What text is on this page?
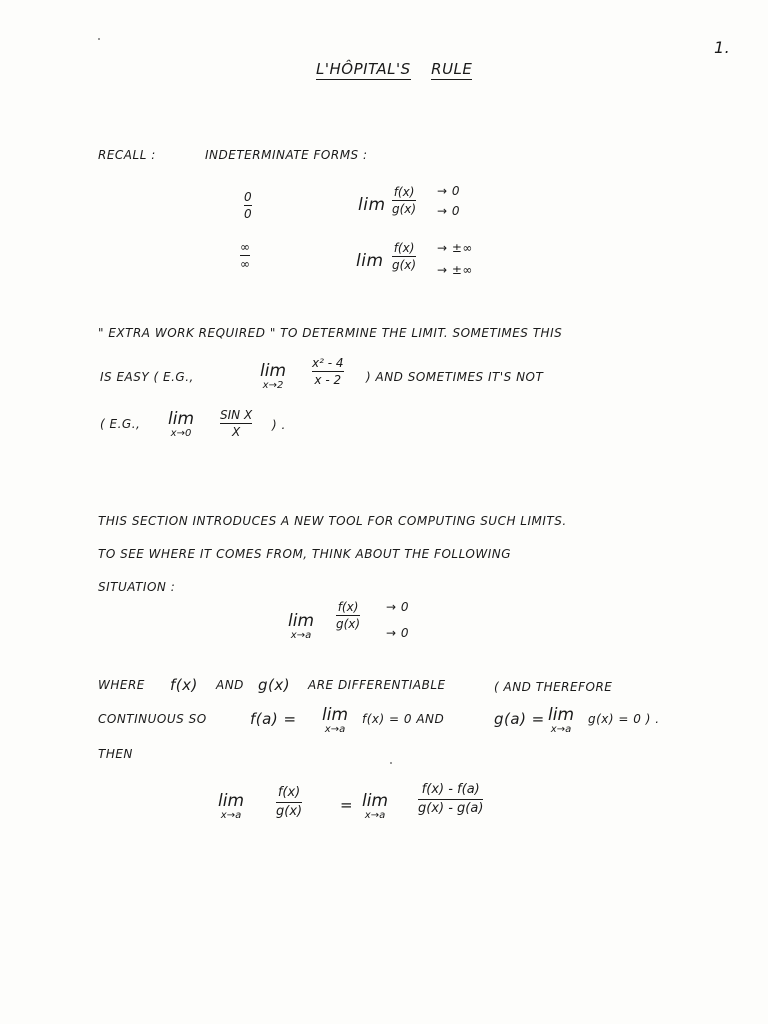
1.
L'HÔPITAL'S RULE
RECALL :	INDETERMINATE FORMS :
0
0	lim
f(x)
g(x)
→ 0
→ 0
∞
∞	lim
f(x)
g(x)
→ ±∞
→ ±∞
" EXTRA WORK REQUIRED " TO DETERMINE THE LIMIT. SOMETIMES THIS
IS EASY ( E.G.,	lim
x→2
x² - 4
x - 2 ) AND SOMETIMES IT'S NOT
( E.G., lim
x→0
SIN X
X
) .
THIS SECTION INTRODUCES A NEW TOOL FOR COMPUTING SUCH LIMITS.
TO SEE WHERE IT COMES FROM, THINK ABOUT THE FOLLOWING
SITUATION :
lim
x→a
f(x)
g(x)
→ 0
→ 0
WHERE f(x) AND g(x) ARE DIFFERENTIABLE	( AND THEREFORE
CONTINUOUS SO	f(a) = lim
x→a
f(x) = 0 AND	g(a) = lim
x→a
g(x) = 0 ) .
THEN
lim
x→a
f(x)
g(x)	= lim
x→a
f(x) - f(a)
g(x) - g(a)
